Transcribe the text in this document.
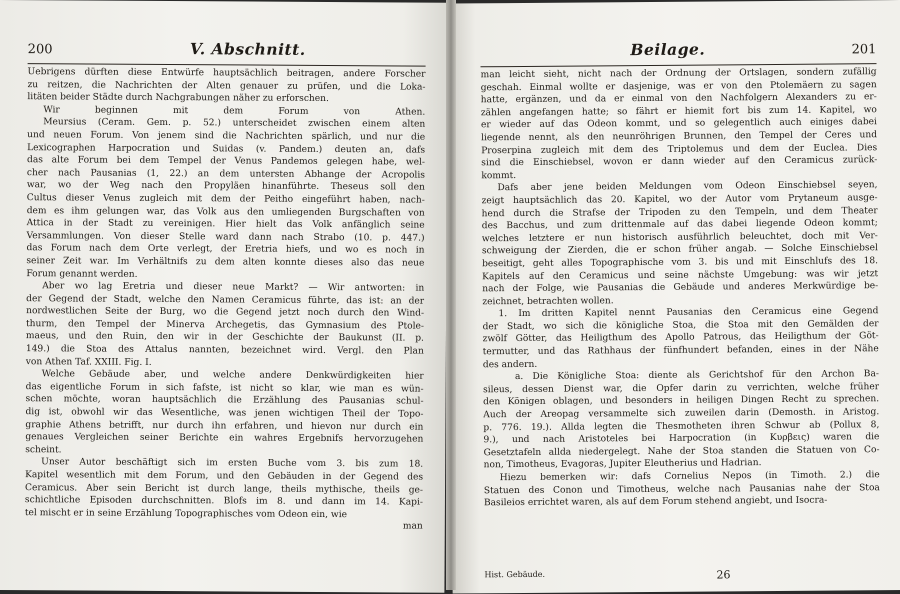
200	V. Abschnitt.
Uebrigens dürften diese Entwürfe hauptsächlich beitragen, andere Forscher
zu reitzen, die Nachrichten der Alten genauer zu prüfen, und die Loka-
litäten beider Städte durch Nachgrabungen näher zu erforschen.
Wir beginnen mit dem Forum von Athen.
Meursius (Ceram. Gem. p. 52.) unterscheidet zwischen einem alten
und neuen Forum. Von jenem sind die Nachrichten spärlich, und nur die
Lexicographen Harpocration und Suidas (v. Pandem.) deuten an, dafs
das alte Forum bei dem Tempel der Venus Pandemos gelegen habe, wel-
cher nach Pausanias (1, 22.) an dem untersten Abhange der Acropolis
war, wo der Weg nach den Propyläen hinanführte. Theseus soll den
Cultus dieser Venus zugleich mit dem der Peitho eingeführt haben, nach-
dem es ihm gelungen war, das Volk aus den umliegenden Burgschaften von
Attica in der Stadt zu vereinigen. Hier hielt das Volk anfänglich seine
Versammlungen. Von dieser Stelle ward dann nach Strabo (10. p. 447.)
das Forum nach dem Orte verlegt, der Eretria hiefs, und wo es noch in
seiner Zeit war. Im Verhältnifs zu dem alten konnte dieses also das neue
Forum genannt werden.
Aber wo lag Eretria und dieser neue Markt? — Wir antworten: in
der Gegend der Stadt, welche den Namen Ceramicus führte, das ist: an der
nordwestlichen Seite der Burg, wo die Gegend jetzt noch durch den Wind-
thurm, den Tempel der Minerva Archegetis, das Gymnasium des Ptole-
maeus, und den Ruin, den wir in der Geschichte der Baukunst (II. p.
149.) die Stoa des Attalus nannten, bezeichnet wird. Vergl. den Plan
von Athen Taf. XXIII. Fig. I.
Welche Gebäude aber, und welche andere Denkwürdigkeiten hier
das eigentliche Forum in sich fafste, ist nicht so klar, wie man es wün-
schen möchte, woran hauptsächlich die Erzählung des Pausanias schul-
dig ist, obwohl wir das Wesentliche, was jenen wichtigen Theil der Topo-
graphie Athens betrifft, nur durch ihn erfahren, und hievon nur durch ein
genaues Vergleichen seiner Berichte ein wahres Ergebnifs hervorzugehen
scheint.
Unser Autor beschäftigt sich im ersten Buche vom 3. bis zum 18.
Kapitel wesentlich mit dem Forum, und den Gebäuden in der Gegend des
Ceramicus. Aber sein Bericht ist durch lange, theils mythische, theils ge-
schichtliche Episoden durchschnitten. Blofs im 8. und dann im 14. Kapi-
tel mischt er in seine Erzählung Topographisches vom Odeon ein, wie
man
Beilage.	201
man leicht sieht, nicht nach der Ordnung der Ortslagen, sondern zufällig
geschah. Einmal wollte er dasjenige, was er von den Ptolemäern zu sagen
hatte, ergänzen, und da er einmal von den Nachfolgern Alexanders zu er-
zählen angefangen hatte; so fährt er hiemit fort bis zum 14. Kapitel, wo
er wieder auf das Odeon kommt, und so gelegentlich auch einiges dabei
liegende nennt, als den neunröhrigen Brunnen, den Tempel der Ceres und
Proserpina zugleich mit dem des Triptolemus und dem der Euclea. Dies
sind die Einschiebsel, wovon er dann wieder auf den Ceramicus zurück-
kommt.
Dafs aber jene beiden Meldungen vom Odeon Einschiebsel seyen,
zeigt hauptsächlich das 20. Kapitel, wo der Autor vom Prytaneum ausge-
hend durch die Strafse der Tripoden zu den Tempeln, und dem Theater
des Bacchus, und zum drittenmale auf das dabei liegende Odeon kommt;
welches letztere er nun historisch ausführlich beleuchtet, doch mit Ver-
schweigung der Zierden, die er schon früher angab. — Solche Einschiebsel
beseitigt, geht alles Topographische vom 3. bis und mit Einschlufs des 18.
Kapitels auf den Ceramicus und seine nächste Umgebung: was wir jetzt
nach der Folge, wie Pausanias die Gebäude und anderes Merkwürdige be-
zeichnet, betrachten wollen.
1. Im dritten Kapitel nennt Pausanias den Ceramicus eine Gegend
der Stadt, wo sich die königliche Stoa, die Stoa mit den Gemälden der
zwölf Götter, das Heiligthum des Apollo Patrous, das Heiligthum der Göt-
termutter, und das Rathhaus der fünfhundert befanden, eines in der Nähe
des andern.
a. Die Königliche Stoa: diente als Gerichtshof für den Archon Ba-
sileus, dessen Dienst war, die Opfer darin zu verrichten, welche früher
den Königen oblagen, und besonders in heiligen Dingen Recht zu sprechen.
Auch der Areopag versammelte sich zuweilen darin (Demosth. in Aristog.
p. 776. 19.). Allda legten die Thesmotheten ihren Schwur ab (Pollux 8,
9.), und nach Aristoteles bei Harpocration (in Κυρβεις) waren die
Gesetztafeln allda niedergelegt. Nahe der Stoa standen die Statuen von Co-
non, Timotheus, Evagoras, Jupiter Eleutherius und Hadrian.
Hiezu bemerken wir: dafs Cornelius Nepos (in Timoth. 2.) die
Statuen des Conon und Timotheus, welche nach Pausanias nahe der Stoa
Basileios errichtet waren, als auf dem Forum stehend angiebt, und Isocra-
Hist. Gebäude.	26
